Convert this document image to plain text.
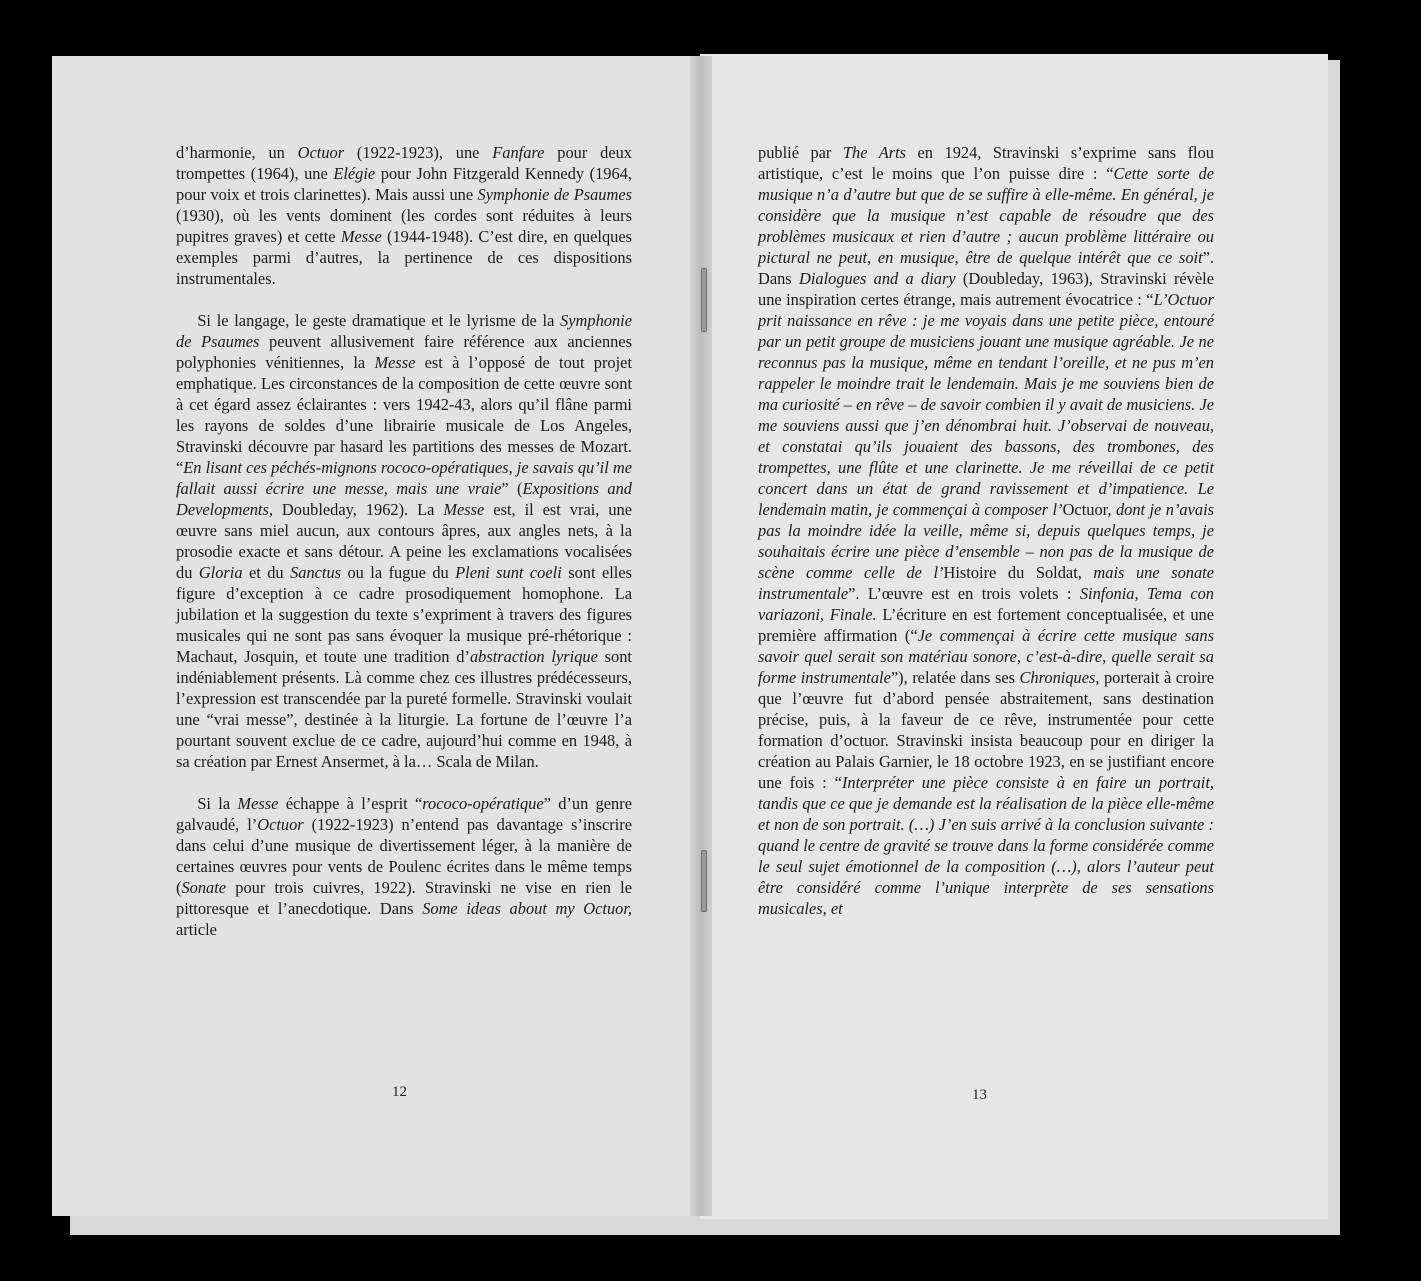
d’harmonie, un Octuor (1922-1923), une Fanfare pour deux trompettes (1964), une Elégie pour John Fitzgerald Kennedy (1964, pour voix et trois clarinettes). Mais aussi une Symphonie de Psaumes (1930), où les vents dominent (les cordes sont réduites à leurs pupitres graves) et cette Messe (1944-1948). C’est dire, en quelques exemples parmi d’autres, la pertinence de ces dispositions instrumentales.

Si le langage, le geste dramatique et le lyrisme de la Symphonie de Psaumes peuvent allusivement faire référence aux anciennes polyphonies vénitiennes, la Messe est à l’opposé de tout projet emphatique. Les circonstances de la composition de cette œuvre sont à cet égard assez éclairantes : vers 1942-43, alors qu’il flâne parmi les rayons de soldes d’une librairie musicale de Los Angeles, Stravinski découvre par hasard les partitions des messes de Mozart. “En lisant ces péchés-mignons rococo-opératiques, je savais qu’il me fallait aussi écrire une messe, mais une vraie” (Expositions and Developments, Doubleday, 1962). La Messe est, il est vrai, une œuvre sans miel aucun, aux contours âpres, aux angles nets, à la prosodie exacte et sans détour. A peine les exclamations vocalisées du Gloria et du Sanctus ou la fugue du Pleni sunt coeli sont elles figure d’exception à ce cadre prosodiquement homophone. La jubilation et la suggestion du texte s’expriment à travers des figures musicales qui ne sont pas sans évoquer la musique pré-rhétorique : Machaut, Josquin, et toute une tradition d’abstraction lyrique sont indéniablement présents. Là comme chez ces illustres prédécesseurs, l’expression est transcendée par la pureté formelle. Stravinski voulait une “vrai messe”, destinée à la liturgie. La fortune de l’œuvre l’a pourtant souvent exclue de ce cadre, aujourd’hui comme en 1948, à sa création par Ernest Ansermet, à la… Scala de Milan.

Si la Messe échappe à l’esprit “rococo-opératique” d’un genre galvaudé, l’Octuor (1922-1923) n’entend pas davantage s’inscrire dans celui d’une musique de divertissement léger, à la manière de certaines œuvres pour vents de Poulenc écrites dans le même temps (Sonate pour trois cuivres, 1922). Stravinski ne vise en rien le pittoresque et l’anecdotique. Dans Some ideas about my Octuor, article

12

publié par The Arts en 1924, Stravinski s’exprime sans flou artistique, c’est le moins que l’on puisse dire : “Cette sorte de musique n’a d’autre but que de se suffire à elle-même. En général, je considère que la musique n’est capable de résoudre que des problèmes musicaux et rien d’autre ; aucun problème littéraire ou pictural ne peut, en musique, être de quelque intérêt que ce soit”. Dans Dialogues and a diary (Doubleday, 1963), Stravinski révèle une inspiration certes étrange, mais autrement évocatrice : “L’Octuor prit naissance en rêve : je me voyais dans une petite pièce, entouré par un petit groupe de musiciens jouant une musique agréable. Je ne reconnus pas la musique, même en tendant l’oreille, et ne pus m’en rappeler le moindre trait le lendemain. Mais je me souviens bien de ma curiosité – en rêve – de savoir combien il y avait de musiciens. Je me souviens aussi que j’en dénombrai huit. J’observai de nouveau, et constatai qu’ils jouaient des bassons, des trombones, des trompettes, une flûte et une clarinette. Je me réveillai de ce petit concert dans un état de grand ravissement et d’impatience. Le lendemain matin, je commençai à composer l’Octuor, dont je n’avais pas la moindre idée la veille, même si, depuis quelques temps, je souhaitais écrire une pièce d’ensemble – non pas de la musique de scène comme celle de l’Histoire du Soldat, mais une sonate instrumentale”. L’œuvre est en trois volets : Sinfonia, Tema con variazoni, Finale. L’écriture en est fortement conceptualisée, et une première affirmation (“Je commençai à écrire cette musique sans savoir quel serait son matériau sonore, c’est-à-dire, quelle serait sa forme instrumentale”), relatée dans ses Chroniques, porterait à croire que l’œuvre fut d’abord pensée abstraitement, sans destination précise, puis, à la faveur de ce rêve, instrumentée pour cette formation d’octuor. Stravinski insista beaucoup pour en diriger la création au Palais Garnier, le 18 octobre 1923, en se justifiant encore une fois : “Interpréter une pièce consiste à en faire un portrait, tandis que ce que je demande est la réalisation de la pièce elle-même et non de son portrait. (…) J’en suis arrivé à la conclusion suivante : quand le centre de gravité se trouve dans la forme considérée comme le seul sujet émotionnel de la composition (…), alors l’auteur peut être considéré comme l’unique interprète de ses sensations musicales, et

13
